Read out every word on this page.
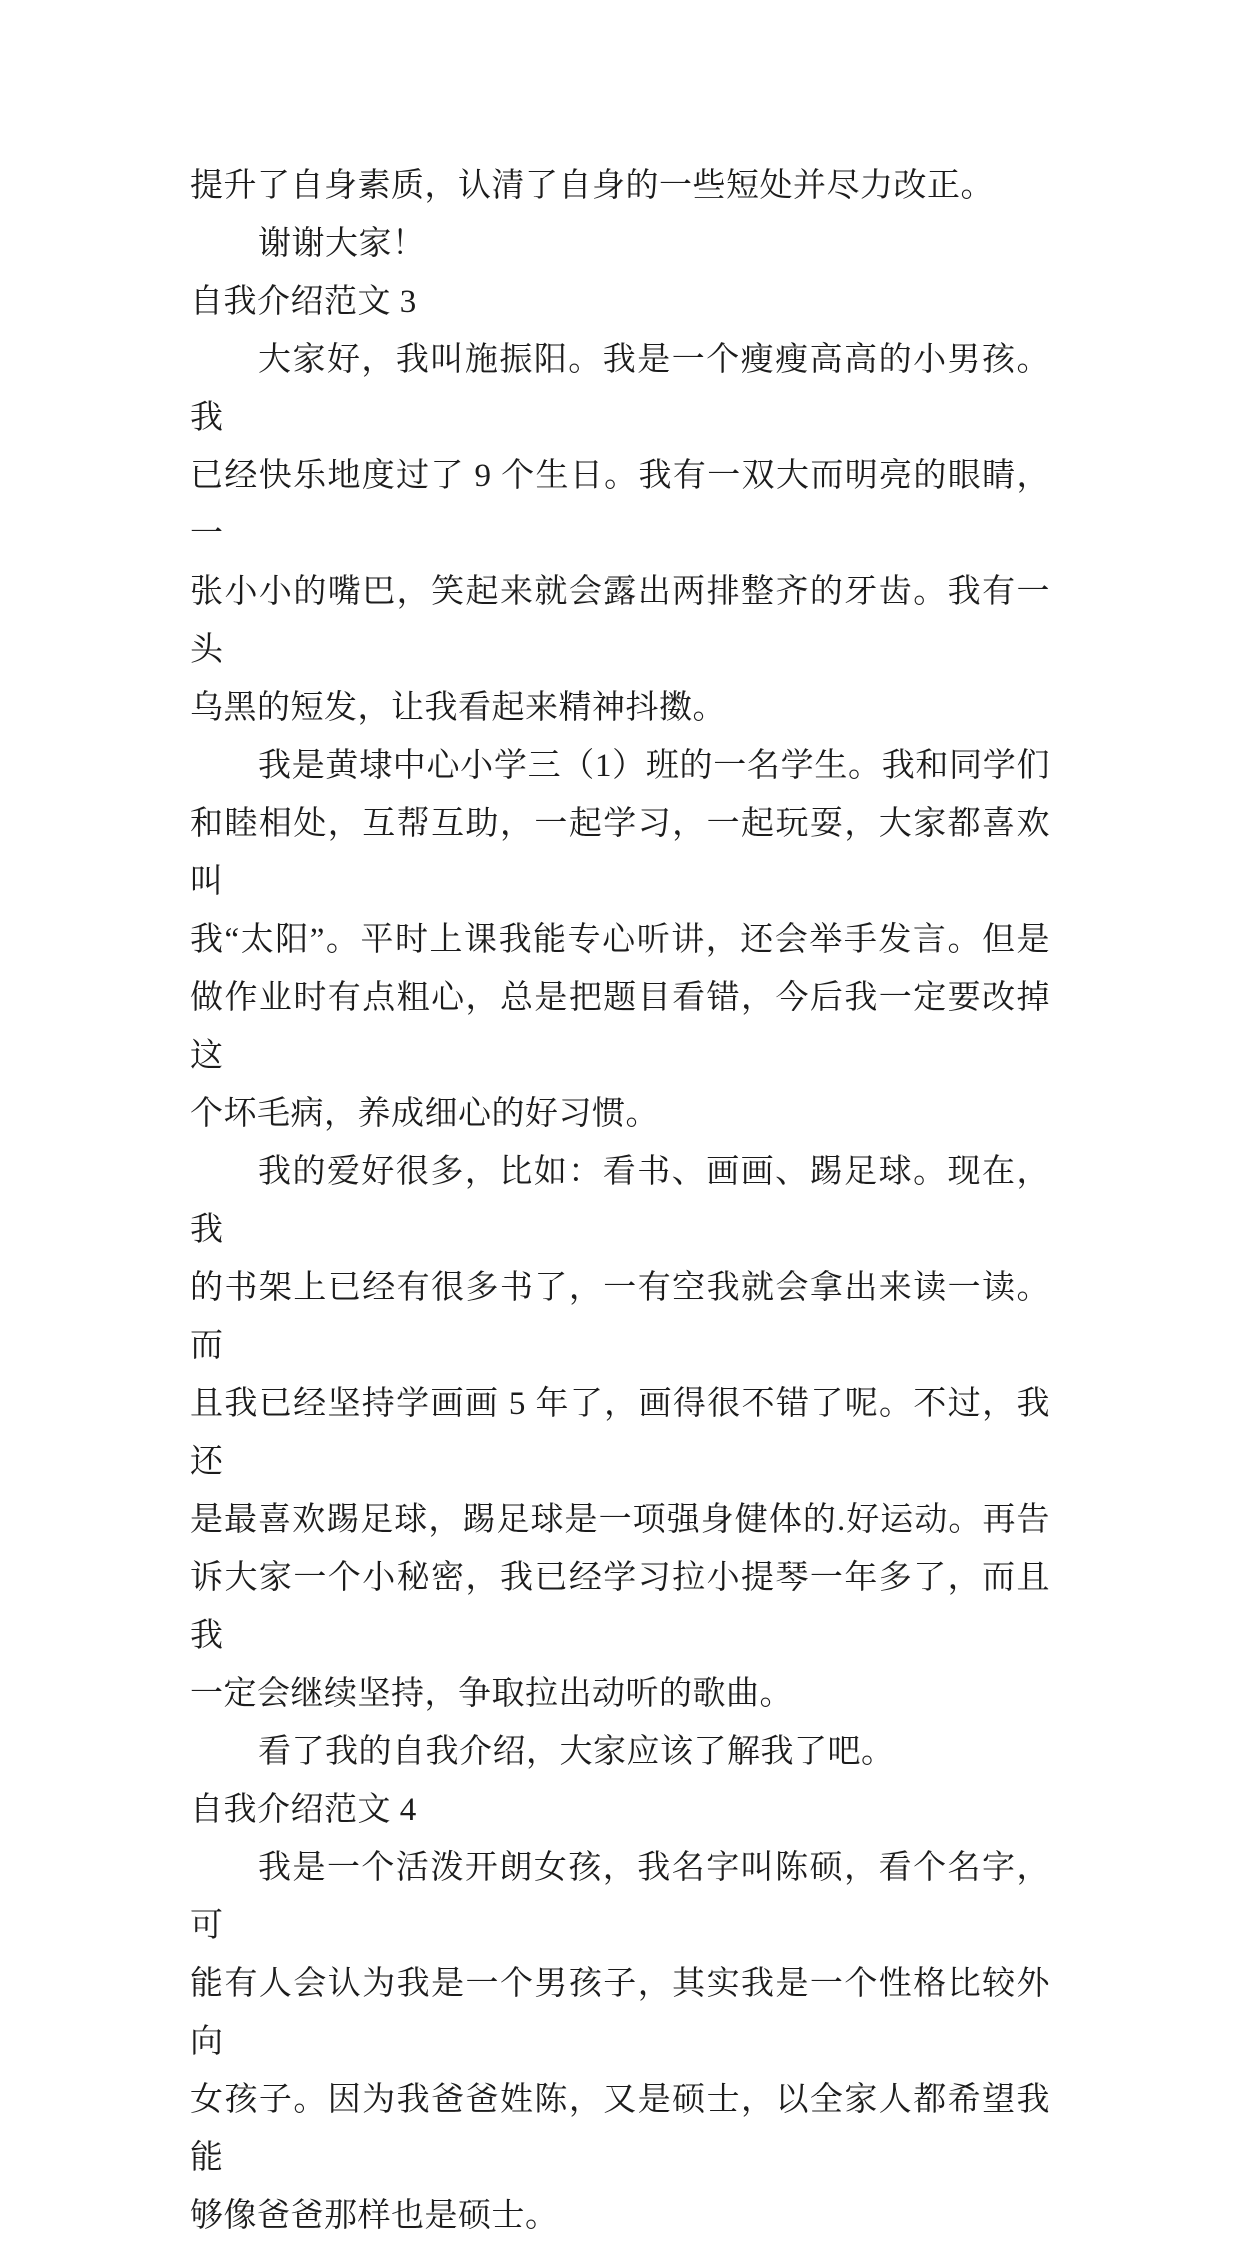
提升了自身素质，认清了自身的一些短处并尽力改正。
谢谢大家！
自我介绍范文 3
大家好，我叫施振阳。我是一个瘦瘦高高的小男孩。我
已经快乐地度过了 9 个生日。我有一双大而明亮的眼睛，一
张小小的嘴巴，笑起来就会露出两排整齐的牙齿。我有一头
乌黑的短发，让我看起来精神抖擞。
我是黄埭中心小学三（1）班的一名学生。我和同学们
和睦相处，互帮互助，一起学习，一起玩耍，大家都喜欢叫
我“太阳”。平时上课我能专心听讲，还会举手发言。但是
做作业时有点粗心，总是把题目看错，今后我一定要改掉这
个坏毛病，养成细心的好习惯。
我的爱好很多，比如：看书、画画、踢足球。现在，我
的书架上已经有很多书了，一有空我就会拿出来读一读。而
且我已经坚持学画画 5 年了，画得很不错了呢。不过，我还
是最喜欢踢足球，踢足球是一项强身健体的.好运动。再告
诉大家一个小秘密，我已经学习拉小提琴一年多了，而且我
一定会继续坚持，争取拉出动听的歌曲。
看了我的自我介绍，大家应该了解我了吧。
自我介绍范文 4
我是一个活泼开朗女孩，我名字叫陈硕，看个名字，可
能有人会认为我是一个男孩子，其实我是一个性格比较外向
女孩子。因为我爸爸姓陈，又是硕士，以全家人都希望我能
够像爸爸那样也是硕士。
